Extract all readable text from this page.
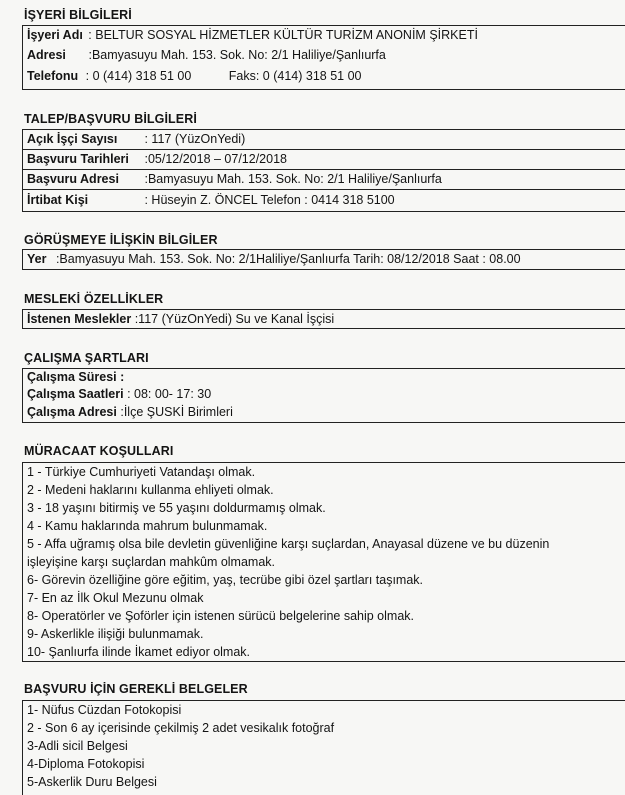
İŞYERİ BİLGİLERİ
İşyeri Adı : BELTUR SOSYAL HİZMETLER KÜLTÜR TURİZM ANONİM ŞİRKETİ
Adresi :Bamyasuyu Mah. 153. Sok. No: 2/1 Haliliye/Şanlıurfa
Telefonu : 0 (414) 318 51 00	Faks: 0 (414) 318 51 00
TALEP/BAŞVURU BİLGİLERİ
Açık İşçi Sayısı : 117 (YüzOnYedi)
Başvuru Tarihleri :05/12/2018 – 07/12/2018
Başvuru Adresi :Bamyasuyu Mah. 153. Sok. No: 2/1 Haliliye/Şanlıurfa
İrtibat Kişi	: Hüseyin Z. ÖNCEL Telefon : 0414 318 5100
GÖRÜŞMEYE İLİŞKİN BİLGİLER
Yer :Bamyasuyu Mah. 153. Sok. No: 2/1Haliliye/Şanlıurfa Tarih: 08/12/2018 Saat : 08.00
MESLEKİ ÖZELLİKLER
İstenen Meslekler :117 (YüzOnYedi) Su ve Kanal İşçisi
ÇALIŞMA ŞARTLARI
Çalışma Süresi :
Çalışma Saatleri : 08: 00- 17: 30
Çalışma Adresi :İlçe ŞUSKİ Birimleri
MÜRACAAT KOŞULLARI
1 - Türkiye Cumhuriyeti Vatandaşı olmak.
2 - Medeni haklarını kullanma ehliyeti olmak.
3 - 18 yaşını bitirmiş ve 55 yaşını doldurmamış olmak.
4 - Kamu haklarında mahrum bulunmamak.
5 - Affa uğramış olsa bile devletin güvenliğine karşı suçlardan, Anayasal düzene ve bu düzenin
işleyişine karşı suçlardan mahkûm olmamak.
6- Görevin özelliğine göre eğitim, yaş, tecrübe gibi özel şartları taşımak.
7- En az İlk Okul Mezunu olmak
8- Operatörler ve Şoförler için istenen sürücü belgelerine sahip olmak.
9- Askerlikle ilişiği bulunmamak.
10- Şanlıurfa ilinde İkamet ediyor olmak.
BAŞVURU İÇİN GEREKLİ BELGELER
1- Nüfus Cüzdan Fotokopisi
2 - Son 6 ay içerisinde çekilmiş 2 adet vesikalık fotoğraf
3-Adli sicil Belgesi
4-Diploma Fotokopisi
5-Askerlik Duru Belgesi
